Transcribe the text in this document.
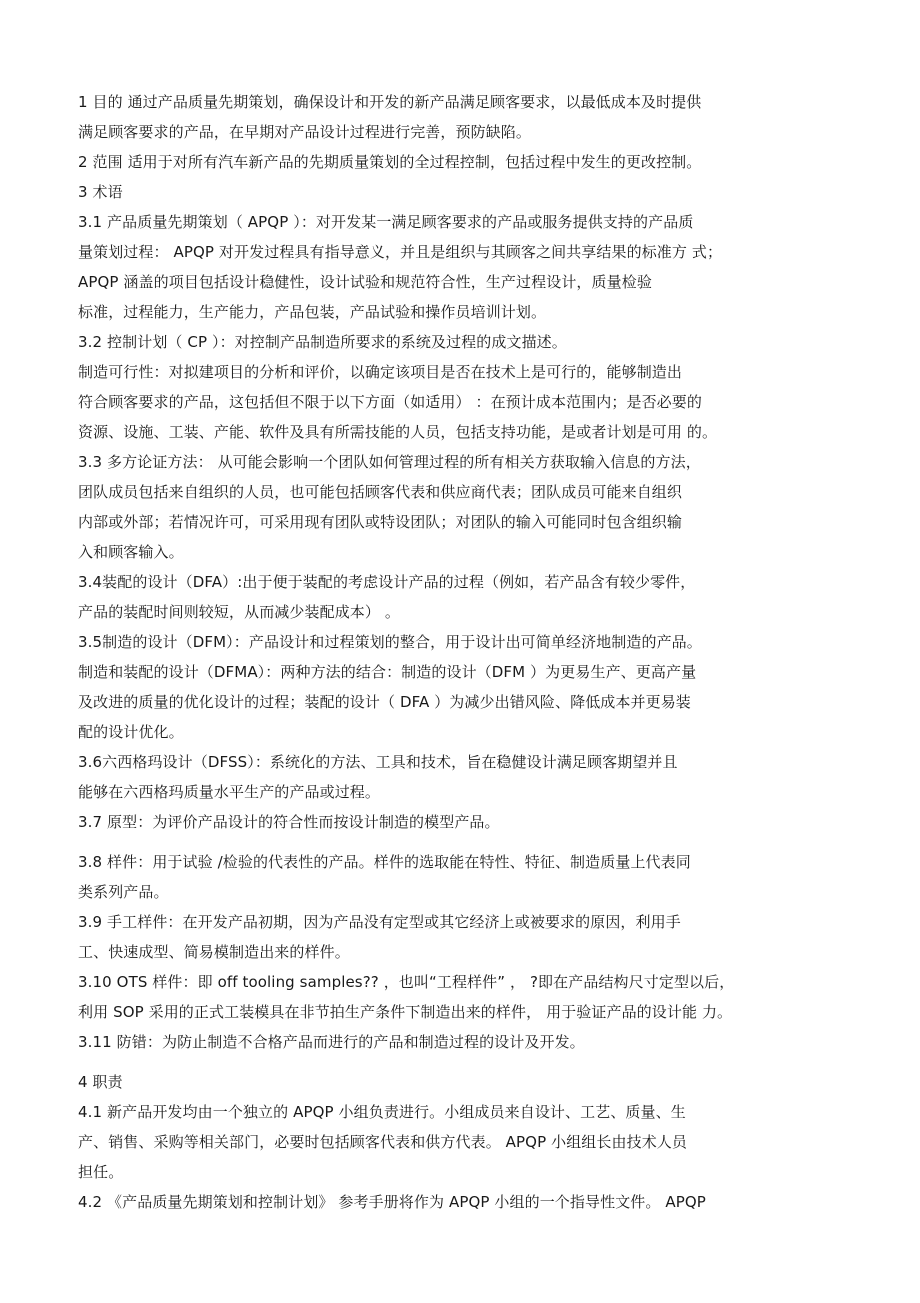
1 目的 通过产品质量先期策划，确保设计和开发的新产品满足顾客要求，以最低成本及时提供
满足顾客要求的产品，在早期对产品设计过程进行完善，预防缺陷。
2 范围 适用于对所有汽车新产品的先期质量策划的全过程控制，包括过程中发生的更改控制。
3 术语
3.1 产品质量先期策划（ APQP ）：对开发某一满足顾客要求的产品或服务提供支持的产品质
量策划过程： APQP 对开发过程具有指导意义，并且是组织与其顾客之间共享结果的标准方 式；
APQP 涵盖的项目包括设计稳健性，设计试验和规范符合性，生产过程设计，质量检验
标准，过程能力，生产能力，产品包装，产品试验和操作员培训计划。
3.2 控制计划（ CP ）：对控制产品制造所要求的系统及过程的成文描述。
制造可行性：对拟建项目的分析和评价，以确定该项目是否在技术上是可行的，能够制造出
符合顾客要求的产品，这包括但不限于以下方面（如适用） ：在预计成本范围内；是否必要的
资源、设施、工装、产能、软件及具有所需技能的人员，包括支持功能，是或者计划是可用 的。
3.3 多方论证方法： 从可能会影响一个团队如何管理过程的所有相关方获取输入信息的方法，
团队成员包括来自组织的人员，也可能包括顾客代表和供应商代表；团队成员可能来自组织
内部或外部；若情况许可，可采用现有团队或特设团队；对团队的输入可能同时包含组织输
入和顾客输入。
3.4装配的设计（DFA）:出于便于装配的考虑设计产品的过程（例如，若产品含有较少零件，
产品的装配时间则较短，从而减少装配成本） 。
3.5制造的设计（DFM）：产品设计和过程策划的整合，用于设计出可简单经济地制造的产品。
制造和装配的设计（DFMA）：两种方法的结合：制造的设计（DFM ）为更易生产、更高产量
及改进的质量的优化设计的过程；装配的设计（ DFA ）为减少出错风险、降低成本并更易装
配的设计优化。
3.6六西格玛设计（DFSS）：系统化的方法、工具和技术，旨在稳健设计满足顾客期望并且
能够在六西格玛质量水平生产的产品或过程。
3.7 原型：为评价产品设计的符合性而按设计制造的模型产品。
3.8 样件：用于试验 /检验的代表性的产品。样件的选取能在特性、特征、制造质量上代表同
类系列产品。
3.9 手工样件：在开发产品初期，因为产品没有定型或其它经济上或被要求的原因，利用手
工、快速成型、简易模制造出来的样件。
3.10 OTS 样件：即 off tooling samples?? ，也叫“工程样件” ， ?即在产品结构尺寸定型以后，
利用 SOP 采用的正式工装模具在非节拍生产条件下制造出来的样件， 用于验证产品的设计能 力。
3.11 防错：为防止制造不合格产品而进行的产品和制造过程的设计及开发。
4 职责
4.1 新产品开发均由一个独立的 APQP 小组负责进行。小组成员来自设计、工艺、质量、生
产、销售、采购等相关部门，必要时包括顾客代表和供方代表。 APQP 小组组长由技术人员
担任。
4.2 《产品质量先期策划和控制计划》 参考手册将作为 APQP 小组的一个指导性文件。 APQP
